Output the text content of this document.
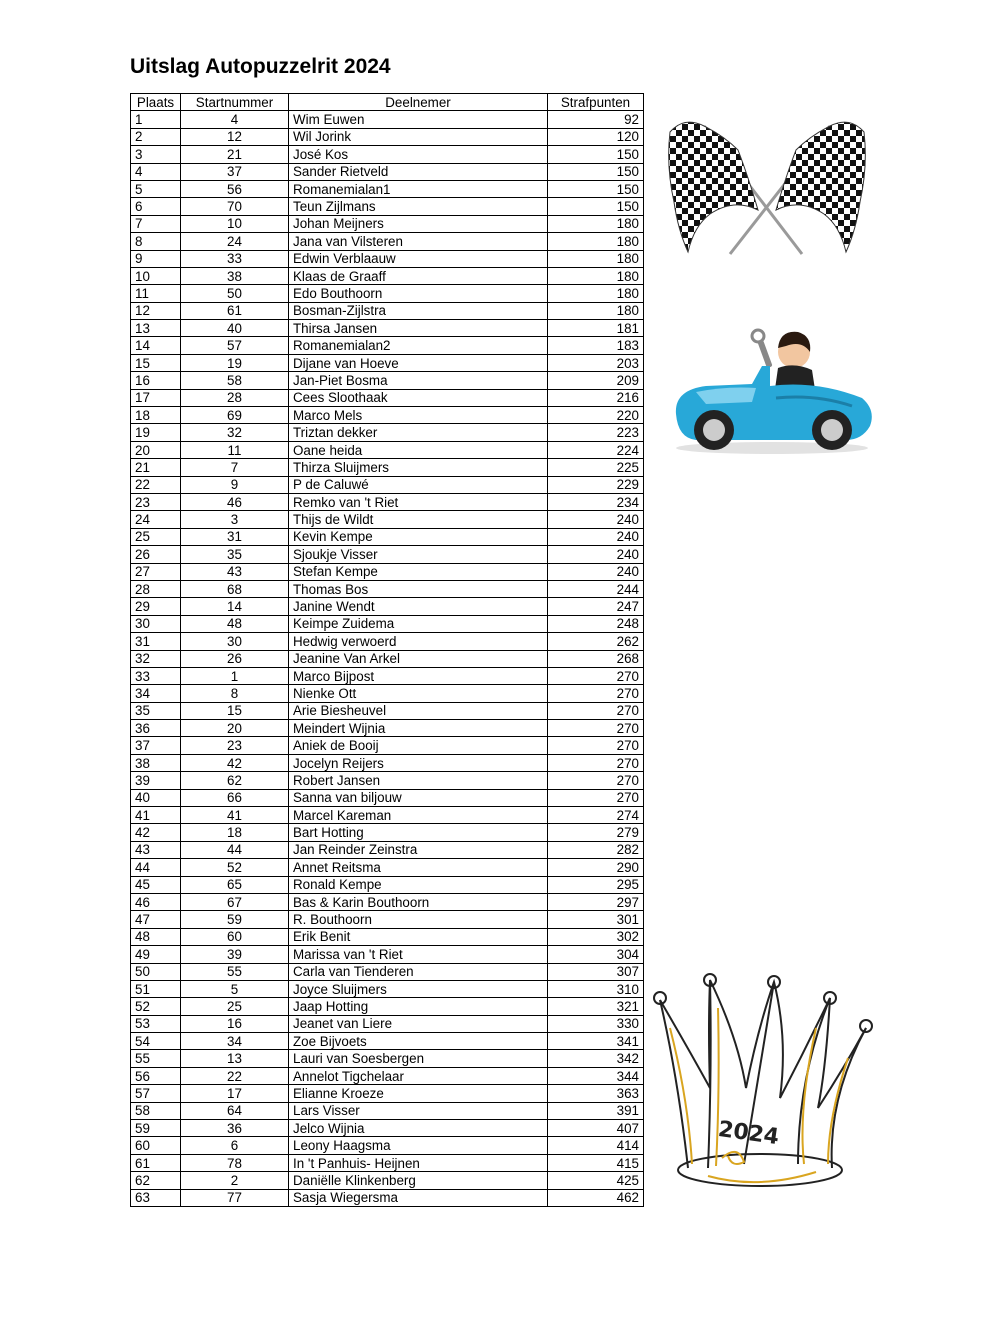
Uitslag Autopuzzelrit 2024
Plaats	Startnummer	Deelnemer	Strafpunten
1	4	Wim Euwen	92
2	12	Wil Jorink	120
3	21	José Kos	150
4	37	Sander Rietveld	150
5	56	Romanemialan1	150
6	70	Teun Zijlmans	150
7	10	Johan Meijners	180
8	24	Jana van Vilsteren	180
9	33	Edwin Verblaauw	180
10	38	Klaas de Graaff	180
11	50	Edo Bouthoorn	180
12	61	Bosman-Zijlstra	180
13	40	Thirsa Jansen	181
14	57	Romanemialan2	183
15	19	Dijane van Hoeve	203
16	58	Jan-Piet Bosma	209
17	28	Cees Sloothaak	216
18	69	Marco Mels	220
19	32	Triztan dekker	223
20	11	Oane heida	224
21	7	Thirza Sluijmers	225
22	9	P de Caluwé	229
23	46	Remko van 't Riet	234
24	3	Thijs de Wildt	240
25	31	Kevin Kempe	240
26	35	Sjoukje Visser	240
27	43	Stefan Kempe	240
28	68	Thomas Bos	244
29	14	Janine Wendt	247
30	48	Keimpe Zuidema	248
31	30	Hedwig verwoerd	262
32	26	Jeanine Van Arkel	268
33	1	Marco Bijpost	270
34	8	Nienke Ott	270
35	15	Arie Biesheuvel	270
36	20	Meindert Wijnia	270
37	23	Aniek de Booij	270
38	42	Jocelyn Reijers	270
39	62	Robert Jansen	270
40	66	Sanna van biljouw	270
41	41	Marcel Kareman	274
42	18	Bart Hotting	279
43	44	Jan Reinder Zeinstra	282
44	52	Annet Reitsma	290
45	65	Ronald Kempe	295
46	67	Bas & Karin Bouthoorn	297
47	59	R. Bouthoorn	301
48	60	Erik Benit	302
49	39	Marissa van 't Riet	304
50	55	Carla van Tienderen	307
51	5	Joyce Sluijmers	310
52	25	Jaap Hotting	321
53	16	Jeanet van Liere	330
54	34	Zoe Bijvoets	341
55	13	Lauri van Soesbergen	342
56	22	Annelot Tigchelaar	344
57	17	Elianne Kroeze	363
58	64	Lars Visser	391
59	36	Jelco Wijnia	407
60	6	Leony Haagsma	414
61	78	In 't Panhuis- Heijnen	415
62	2	Daniëlle Klinkenberg	425
63	77	Sasja Wiegersma	462
2024
